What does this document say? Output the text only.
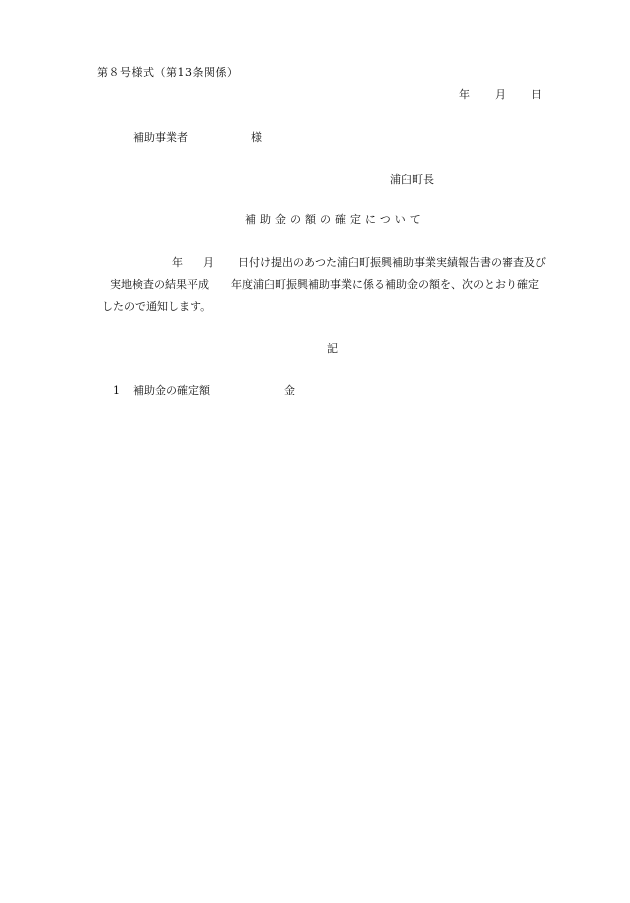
第８号様式（第13条関係）
年 月 日
補助事業者	様
浦臼町長
補助金の額の確定について
年 月 日付け提出のあつた浦臼町振興補助事業実績報告書の審査及び
実地検査の結果平成 年度浦臼町振興補助事業に係る補助金の額を、次のとおり確定
したので通知します。
記
1 補助金の確定額	金
